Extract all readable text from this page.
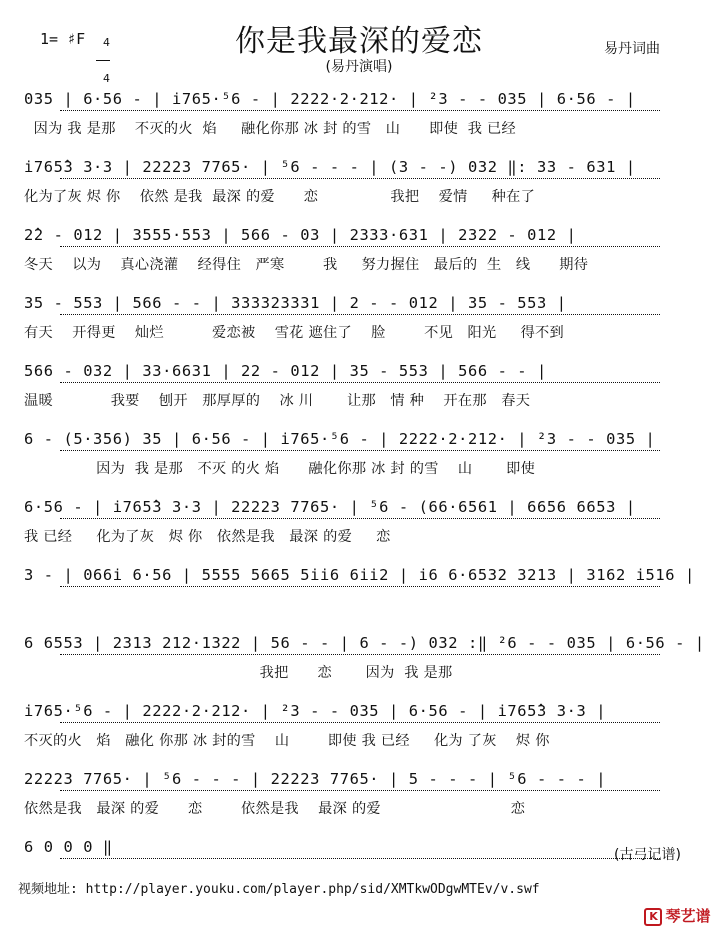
你是我最深的爱恋
(易丹演唱)
1= ♯F	4

4

易丹词曲
035 | 6·56 - | i765·⁵6 - | 2222·2·212· | ²3 - - 035 | 6·56 - |
因为 我 是那    不灭的火  焰     融化你那 冰 封 的雪   山      即使  我 已经
i765̂3 3·3 | 22223 7765· | ⁵6 - - - | (3 - -) 032 ‖: 33 - 631 |
化为了灰 烬 你    依然 是我  最深 的爱      恋               我把    爱情     种在了
2̂2 - 012 | 3555·553 | 566 - 03 | 2333·631 | 2322 - 012 |
冬天    以为    真心浇灌    经得住   严寒        我     努力握住   最后的  生   线      期待
35 - 553 | 566 - - | 333323331 | 2 - - 012 | 35 - 553 |
有天    开得更    灿烂          爱恋被    雪花 遮住了    脸        不见   阳光     得不到
566 - 032 | 33·6631 | 22 - 012 | 35 - 553 | 566 - - |
温暖            我要    刨开   那厚厚的    冰 川       让那   情 种    开在那   春天
6 - (5·356) 35 | 6·56 - | i765·⁵6 - | 2222·2·212· | ²3 - - 035 |
因为  我 是那   不灭 的火 焰      融化你那 冰 封 的雪    山       即使
6·56 - | i765̂3 3·3 | 22223 7765· | ⁵6 - (66·6561 | 6656 6653 |
我 已经     化为了灰   烬 你   依然是我   最深 的爱     恋
3 - | 066i 6·56 | 5555 5665 5ii6 6ii2 | i6 6·6532 3213 | 3162 i516 |
6 6553 | 2313 212·1322 | 56 - - | 6 - -) 032 :‖ ²6 - - 035 | 6·56 - |
我把      恋       因为  我 是那
i765·⁵6 - | 2222·2·212· | ²3 - - 035 | 6·56 - | i765̂3 3·3 |
不灭的火   焰   融化 你那 冰 封的雪    山        即使 我 已经     化为 了灰    烬 你
22223 7765· | ⁵6 - - - | 22223 7765· | 5 - - - | ⁵6 - - - |
依然是我   最深 的爱      恋        依然是我    最深 的爱                           恋
6 0 0 0 ‖	(古弓记谱)
视频地址: http://player.youku.com/player.php/sid/XMTkwODgwMTEv/v.swf

K 琴艺谱
